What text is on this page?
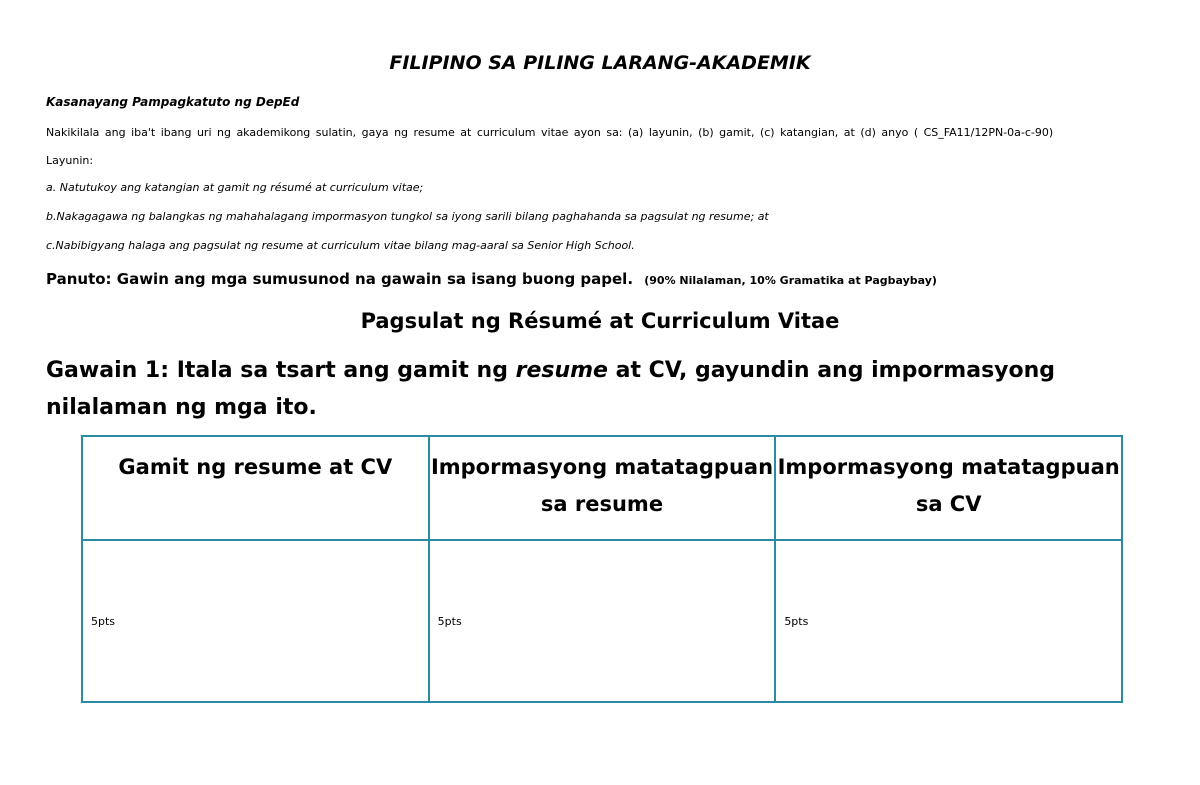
FILIPINO SA PILING LARANG-AKADEMIK
Kasanayang Pampagkatuto ng DepEd
Nakikilala ang iba't ibang uri ng akademikong sulatin, gaya ng resume at curriculum vitae ayon sa: (a) layunin, (b) gamit, (c) katangian, at (d) anyo ( CS_FA11/12PN-0a-c-90)
Layunin:
a. Natutukoy ang katangian at gamit ng résumé at curriculum vitae;
b.Nakagagawa ng balangkas ng mahahalagang impormasyon tungkol sa iyong sarili bilang paghahanda sa pagsulat ng resume; at
c.Nabibigyang halaga ang pagsulat ng resume at curriculum vitae bilang mag-aaral sa Senior High School.
Panuto: Gawin ang mga sumusunod na gawain sa isang buong papel. (90% Nilalaman, 10% Gramatika at Pagbaybay)
Pagsulat ng Résumé at Curriculum Vitae
Gawain 1: Itala sa tsart ang gamit ng resume at CV, gayundin ang impormasyong nilalaman ng mga ito.
Gamit ng resume at CV	Impormasyong matatagpuan sa resume	Impormasyong matatagpuan sa CV
5pts	5pts	5pts
